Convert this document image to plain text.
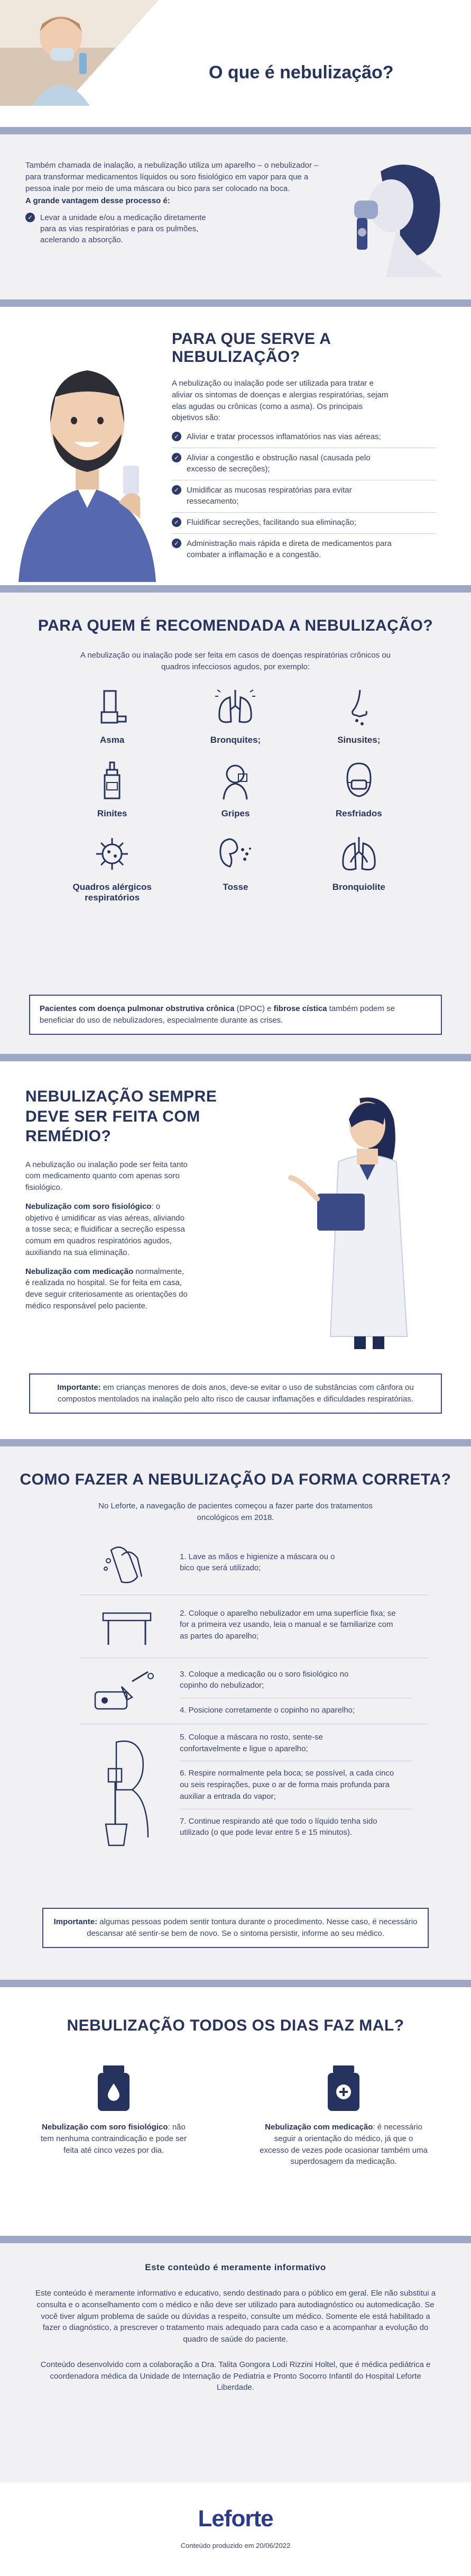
O que é nebulização?

Também chamada de inalação, a nebulização utiliza um aparelho – o nebulizador – para transformar medicamentos líquidos ou soro fisiológico em vapor para que a pessoa inale por meio de uma máscara ou bico para ser colocado na boca.

A grande vantagem desse processo é:

✓ Levar a unidade e/ou a medicação diretamente para as vias respiratórias e para os pulmões, acelerando a absorção.
PARA QUE SERVE A NEBULIZAÇÃO?

A nebulização ou inalação pode ser utilizada para tratar e aliviar os sintomas de doenças e alergias respiratórias, sejam elas agudas ou crônicas (como a asma). Os principais objetivos são:

✓ Aliviar e tratar processos inflamatórios nas vias aéreas;
✓ Aliviar a congestão e obstrução nasal (causada pelo excesso de secreções);
✓ Umidificar as mucosas respiratórias para evitar ressecamento;
✓ Fluidificar secreções, facilitando sua eliminação;
✓ Administração mais rápida e direta de medicamentos para combater a inflamação e a congestão.
PARA QUEM É RECOMENDADA A NEBULIZAÇÃO?

A nebulização ou inalação pode ser feita em casos de doenças respiratórias crônicos ou quadros infecciosos agudos, por exemplo:

Asma	Bronquites;	Sinusites;
Rinites	Gripes	Resfriados
Quadros alérgicos respiratórios
Tosse	Bronquiolite
Pacientes com doença pulmonar obstrutiva crônica (DPOC) e fibrose cística também podem se beneficiar do uso de nebulizadores, especialmente durante as crises.
NEBULIZAÇÃO SEMPRE DEVE SER FEITA COM REMÉDIO?

A nebulização ou inalação pode ser feita tanto com medicamento quanto com apenas soro fisiológico.

Nebulização com soro fisiológico: o objetivo é umidificar as vias aéreas, aliviando a tosse seca; e fluidificar a secreção espessa comum em quadros respiratórios agudos, auxiliando na sua eliminação.

Nebulização com medicação normalmente, é realizada no hospital. Se for feita em casa, deve seguir criteriosamente as orientações do médico responsável pelo paciente.

Importante: em crianças menores de dois anos, deve-se evitar o uso de substâncias com cânfora ou compostos mentolados na inalação pelo alto risco de causar inflamações e dificuldades respiratórias.
COMO FAZER A NEBULIZAÇÃO DA FORMA CORRETA?

No Leforte, a navegação de pacientes começou a fazer parte dos tratamentos oncológicos em 2018.

1. Lave as mãos e higienize a máscara ou o bico que será utilizado;
2. Coloque o aparelho nebulizador em uma superfície fixa; se for a primeira vez usando, leia o manual e se familiarize com as partes do aparelho;
3. Coloque a medicação ou o soro fisiológico no copinho do nebulizador;
4. Posicione corretamente o copinho no aparelho;
5. Coloque a máscara no rosto, sente-se confortavelmente e ligue o aparelho;
6. Respire normalmente pela boca; se possível, a cada cinco ou seis respirações, puxe o ar de forma mais profunda para auxiliar a entrada do vapor;
7. Continue respirando até que todo o líquido tenha sido utilizado (o que pode levar entre 5 e 15 minutos).
Importante: algumas pessoas podem sentir tontura durante o procedimento. Nesse caso, é necessário descansar até sentir-se bem de novo. Se o sintoma persistir, informe ao seu médico.
NEBULIZAÇÃO TODOS OS DIAS FAZ MAL?

Nebulização com soro fisiológico: não tem nenhuma contraindicação e pode ser feita até cinco vezes por dia.

Nebulização com medicação: é necessário seguir a orientação do médico, já que o excesso de vezes pode ocasionar também uma superdosagem da medicação.

Este conteúdo é meramente informativo

Este conteúdo é meramente informativo e educativo, sendo destinado para o público em geral. Ele não substitui a consulta e o aconselhamento com o médico e não deve ser utilizado para autodiagnóstico ou automedicação. Se você tiver algum problema de saúde ou dúvidas a respeito, consulte um médico. Somente ele está habilitado a fazer o diagnóstico, a prescrever o tratamento mais adequado para cada caso e a acompanhar a evolução do quadro de saúde do paciente.

Conteúdo desenvolvido com a colaboração a Dra. Talita Gongora Lodi Rizzini Holtel, que é médica pediátrica e coordenadora médica da Unidade de Internação de Pediatria e Pronto Socorro Infantil do Hospital Leforte Liberdade.

Leforte
Conteúdo produzido em 20/06/2022
